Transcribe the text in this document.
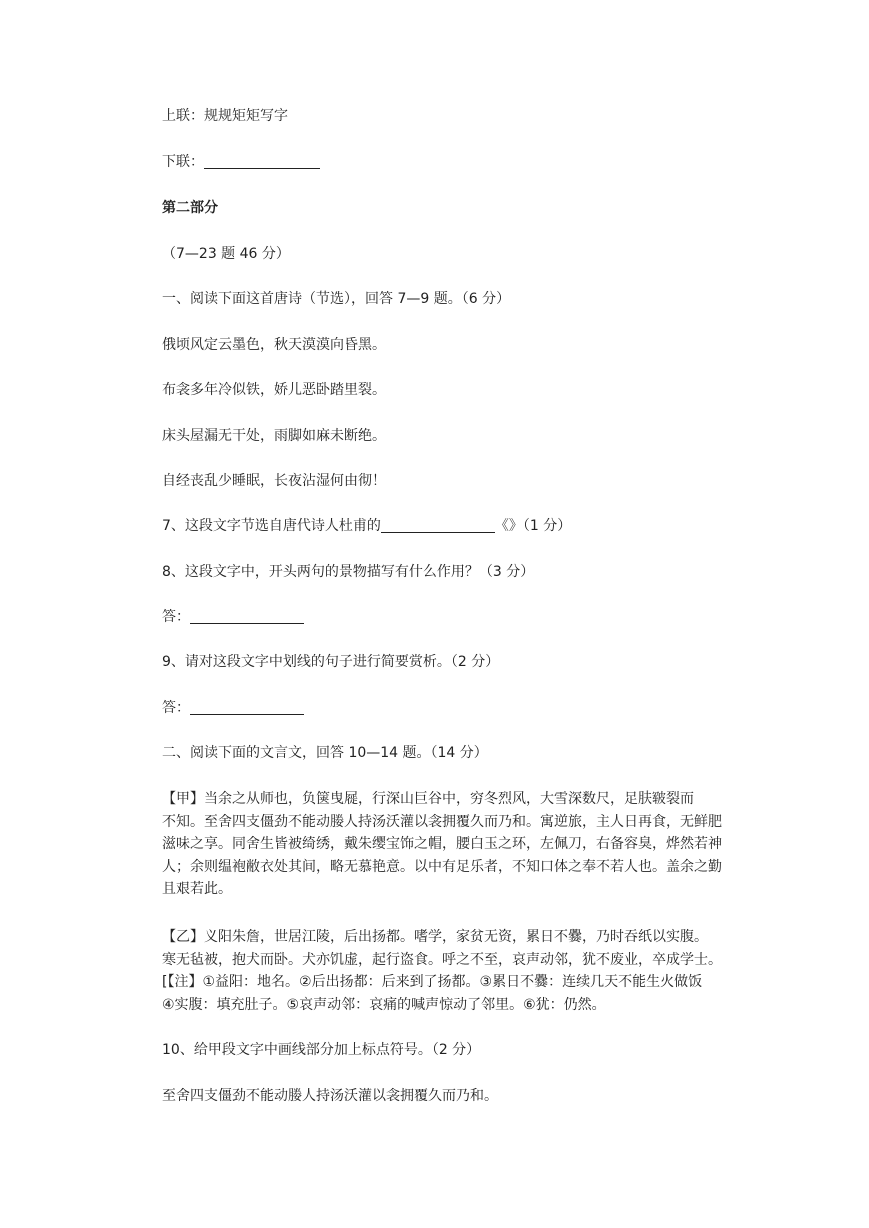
上联：规规矩矩写字
下联：
第二部分
（7—23 题 46 分）
一、阅读下面这首唐诗（节选），回答 7—9 题。（6 分）
俄顷风定云墨色，秋天漠漠向昏黑。
布衾多年冷似铁，娇儿恶卧踏里裂。
床头屋漏无干处，雨脚如麻未断绝。
自经丧乱少睡眠，长夜沾湿何由彻！
7、这段文字节选自唐代诗人杜甫的	《》（1 分）
8、这段文字中，开头两句的景物描写有什么作用？（3 分）
答：
9、请对这段文字中划线的句子进行简要赏析。（2 分）
答：
二、阅读下面的文言文，回答 10—14 题。（14 分）
【甲】当余之从师也，负箧曳屣，行深山巨谷中，穷冬烈风，大雪深数尺，足肤皲裂而
不知。至舍四支僵劲不能动媵人持汤沃灌以衾拥覆久而乃和。寓逆旅，主人日再食，无鲜肥
滋味之享。同舍生皆被绮绣，戴朱缨宝饰之帽，腰白玉之环，左佩刀，右备容臭，烨然若神
人；余则缊袍敝衣处其间，略无慕艳意。以中有足乐者，不知口体之奉不若人也。盖余之勤
且艰若此。
【乙】义阳朱詹，世居江陵，后出扬都。嗜学，家贫无资，累日不爨，乃时吞纸以实腹。
寒无毡被，抱犬而卧。犬亦饥虚，起行盗食。呼之不至，哀声动邻，犹不废业，卒成学士。
[【注】①益阳：地名。②后出扬都：后来到了扬都。③累日不爨：连续几天不能生火做饭
④实腹：填充肚子。⑤哀声动邻：哀痛的喊声惊动了邻里。⑥犹：仍然。
10、给甲段文字中画线部分加上标点符号。（2 分）
至舍四支僵劲不能动媵人持汤沃灌以衾拥覆久而乃和。
